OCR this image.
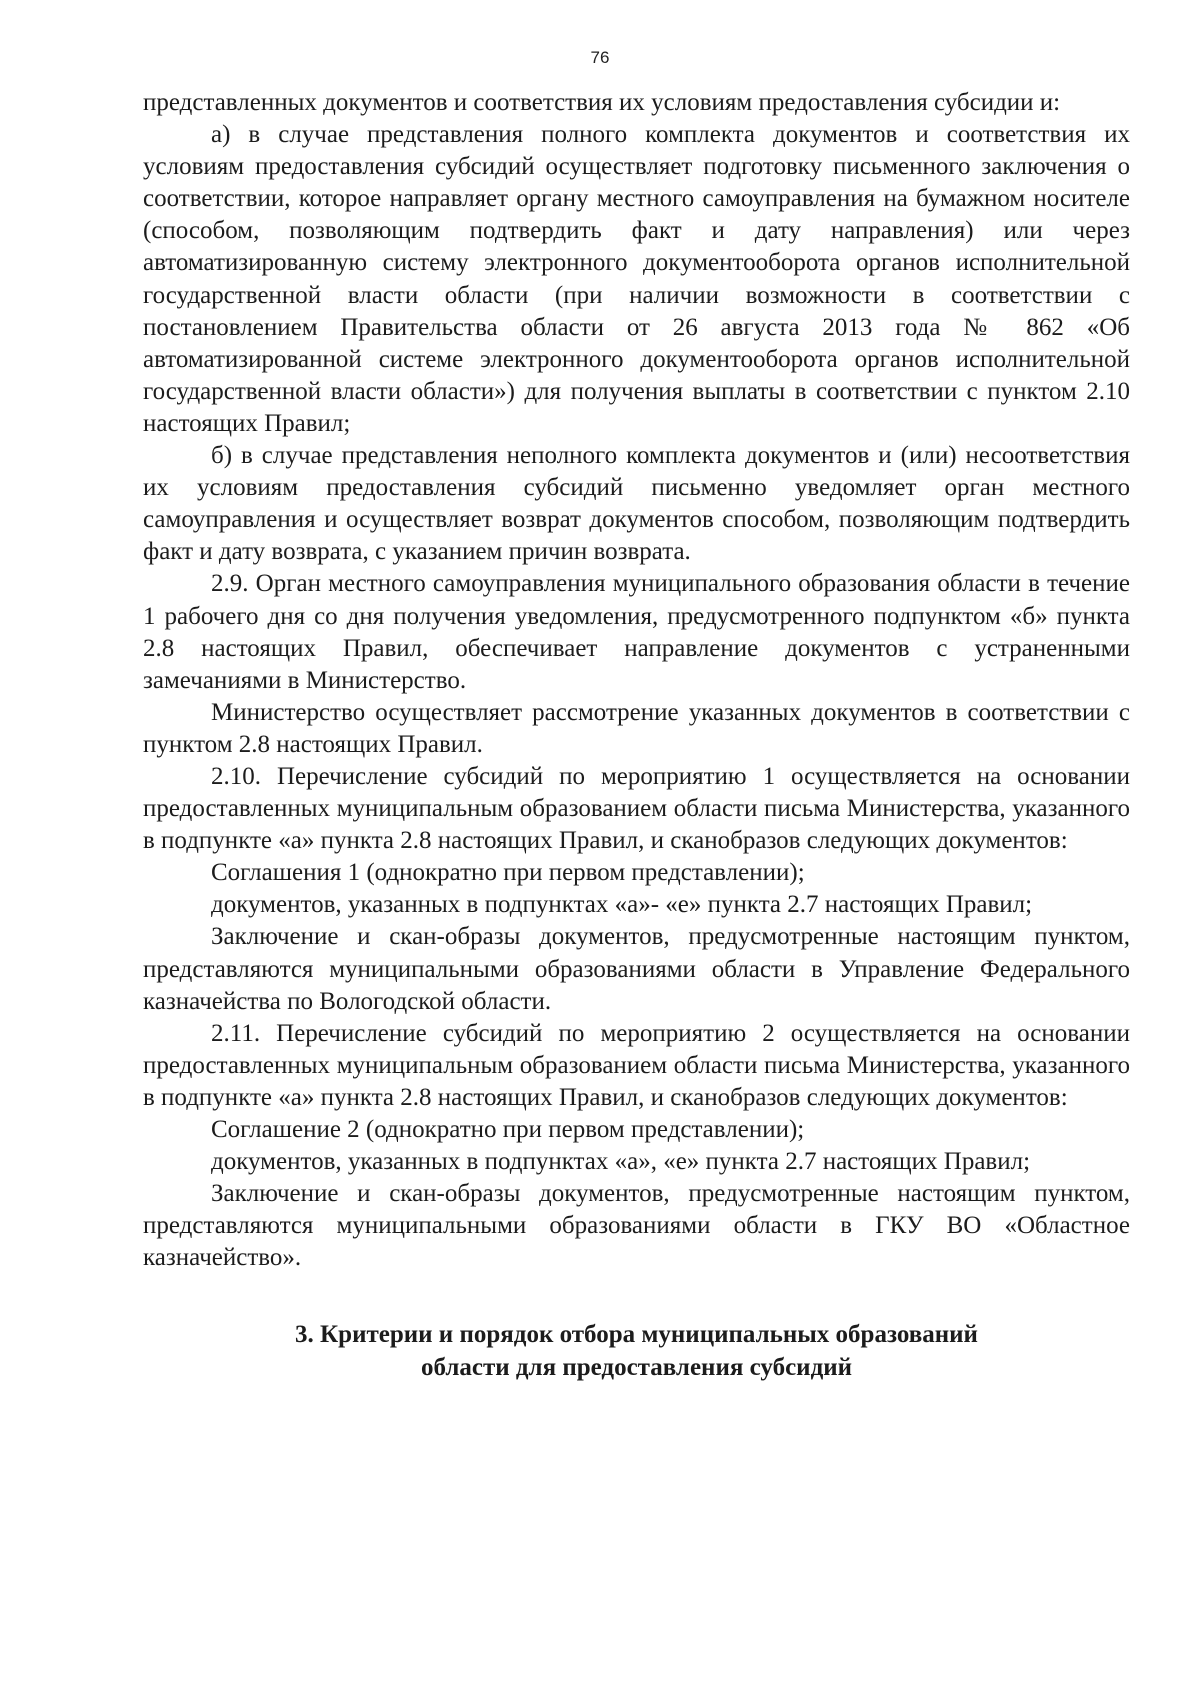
76

представленных документов и соответствия их условиям предоставления субсидии и:

а) в случае представления полного комплекта документов и соответствия их условиям предоставления субсидий осуществляет подготовку письменного заключения о соответствии, которое направляет органу местного самоуправления на бумажном носителе (способом, позволяющим подтвердить факт и дату направления) или через автоматизированную систему электронного документооборота органов исполнительной государственной власти области (при наличии возможности в соответствии с постановлением Правительства области от 26 августа 2013 года № 862 «Об автоматизированной системе электронного документооборота органов исполнительной государственной власти области») для получения выплаты в соответствии с пунктом 2.10 настоящих Правил;

б) в случае представления неполного комплекта документов и (или) несоответствия их условиям предоставления субсидий письменно уведомляет орган местного самоуправления и осуществляет возврат документов способом, позволяющим подтвердить факт и дату возврата, с указанием причин возврата.

2.9. Орган местного самоуправления муниципального образования области в течение 1 рабочего дня со дня получения уведомления, предусмотренного подпунктом «б» пункта 2.8 настоящих Правил, обеспечивает направление документов с устраненными замечаниями в Министерство.

Министерство осуществляет рассмотрение указанных документов в соответствии с пунктом 2.8 настоящих Правил.

2.10. Перечисление субсидий по мероприятию 1 осуществляется на основании предоставленных муниципальным образованием области письма Министерства, указанного в подпункте «а» пункта 2.8 настоящих Правил, и сканобразов следующих документов:

Соглашения 1 (однократно при первом представлении);

документов, указанных в подпунктах «а»- «е» пункта 2.7 настоящих Правил;

Заключение и скан-образы документов, предусмотренные настоящим пунктом, представляются муниципальными образованиями области в Управление Федерального казначейства по Вологодской области.

2.11. Перечисление субсидий по мероприятию 2 осуществляется на основании предоставленных муниципальным образованием области письма Министерства, указанного в подпункте «а» пункта 2.8 настоящих Правил, и сканобразов следующих документов:

Соглашение 2 (однократно при первом представлении);

документов, указанных в подпунктах «а», «е» пункта 2.7 настоящих Правил;

Заключение и скан-образы документов, предусмотренные настоящим пунктом, представляются муниципальными образованиями области в ГКУ ВО «Областное казначейство».

3. Критерии и порядок отбора муниципальных образований
области для предоставления субсидий
